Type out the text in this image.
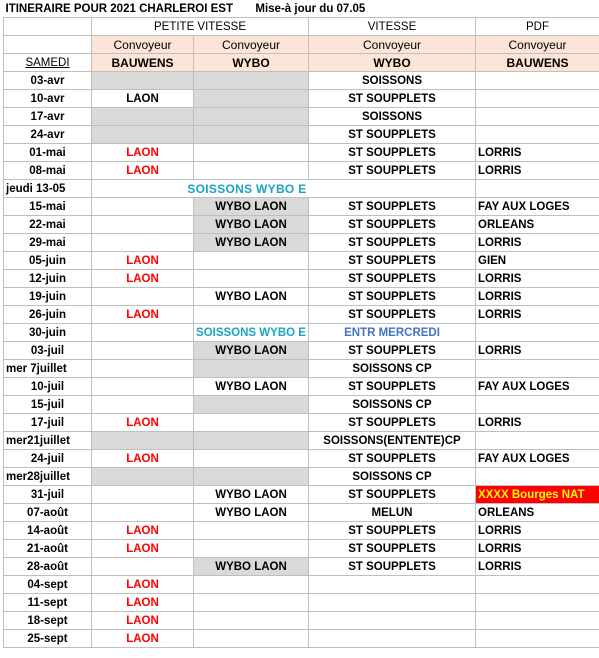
ITINERAIRE POUR 2021 CHARLEROI EST Mise-à jour du 07.05				
	PETITE VITESSE		VITESSE	PDF
	Convoyeur	Convoyeur	Convoyeur	Convoyeur
SAMEDI	BAUWENS	WYBO	WYBO	BAUWENS
03-avr			SOISSONS	
10-avr	LAON		ST SOUPPLETS	
17-avr			SOISSONS	
24-avr			ST SOUPPLETS	
01-mai	LAON		ST SOUPPLETS	LORRIS
08-mai	LAON		ST SOUPPLETS	LORRIS
jeudi 13-05	SOISSONS WYBO E			
15-mai		WYBO LAON	ST SOUPPLETS	FAY AUX LOGES
22-mai		WYBO LAON	ST SOUPPLETS	ORLEANS
29-mai		WYBO LAON	ST SOUPPLETS	LORRIS
05-juin	LAON		ST SOUPPLETS	GIEN
12-juin	LAON		ST SOUPPLETS	LORRIS
19-juin		WYBO LAON	ST SOUPPLETS	LORRIS
26-juin	LAON		ST SOUPPLETS	LORRIS
30-juin		SOISSONS WYBO E	ENTR MERCREDI	
03-juil		WYBO LAON	ST SOUPPLETS	LORRIS
mer 7juillet			SOISSONS CP	
10-juil		WYBO LAON	ST SOUPPLETS	FAY AUX LOGES
15-juil			SOISSONS CP	
17-juil	LAON		ST SOUPPLETS	LORRIS
mer21juillet			SOISSONS(ENTENTE)CP	
24-juil	LAON		ST SOUPPLETS	FAY AUX LOGES
mer28juillet			SOISSONS CP	
31-juil		WYBO LAON	ST SOUPPLETS	XXXX Bourges NAT
07-août		WYBO LAON	MELUN	ORLEANS
14-août	LAON		ST SOUPPLETS	LORRIS
21-août	LAON		ST SOUPPLETS	LORRIS
28-août		WYBO LAON	ST SOUPPLETS	LORRIS
04-sept	LAON			
11-sept	LAON			
18-sept	LAON			
25-sept	LAON			
